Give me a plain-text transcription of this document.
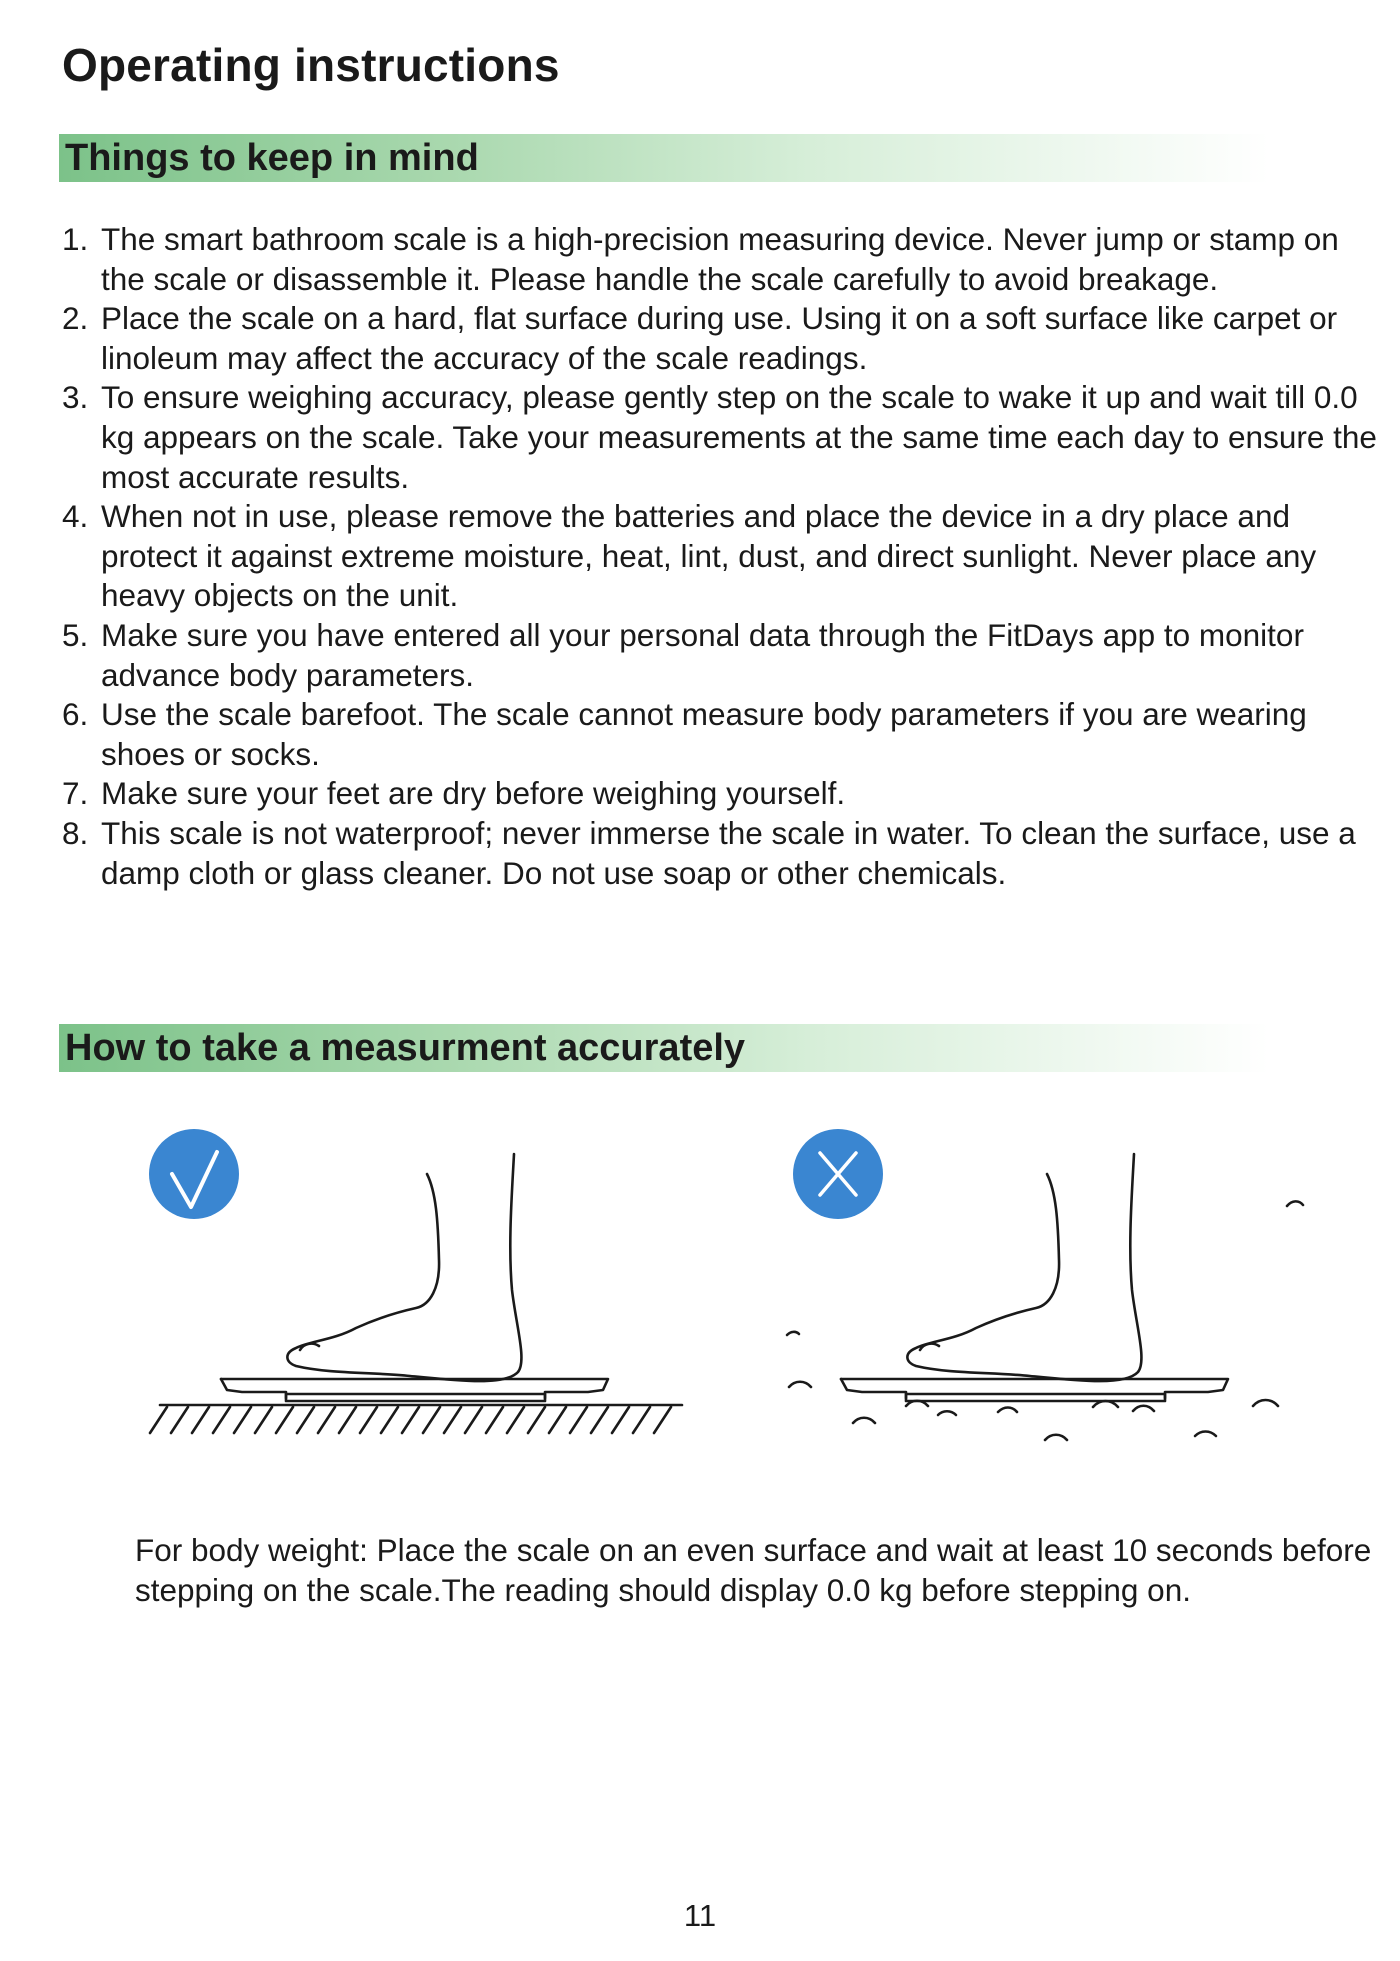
Operating instructions
Things to keep in mind
1. The smart bathroom scale is a high-precision measuring device. Never jump or stamp on the scale or disassemble it. Please handle the scale carefully to avoid breakage.
2. Place the scale on a hard, flat surface during use. Using it on a soft surface like carpet or linoleum may affect the accuracy of the scale readings.
3. To ensure weighing accuracy, please gently step on the scale to wake it up and wait till 0.0 kg appears on the scale. Take your measurements at the same time each day to ensure the most accurate results.
4. When not in use, please remove the batteries and place the device in a dry place and protect it against extreme moisture, heat, lint, dust, and direct sunlight. Never place any heavy objects on the unit.
5. Make sure you have entered all your personal data through the FitDays app to monitor advance body parameters.
6. Use the scale barefoot. The scale cannot measure body parameters if you are wearing shoes or socks.
7. Make sure your feet are dry before weighing yourself.
8. This scale is not waterproof; never immerse the scale in water. To clean the surface, use a damp cloth or glass cleaner. Do not use soap or other chemicals.
How to take a measurment accurately

For body weight: Place the scale on an even surface and wait at least 10 seconds before stepping on the scale.The reading should display 0.0 kg before stepping on.

11
